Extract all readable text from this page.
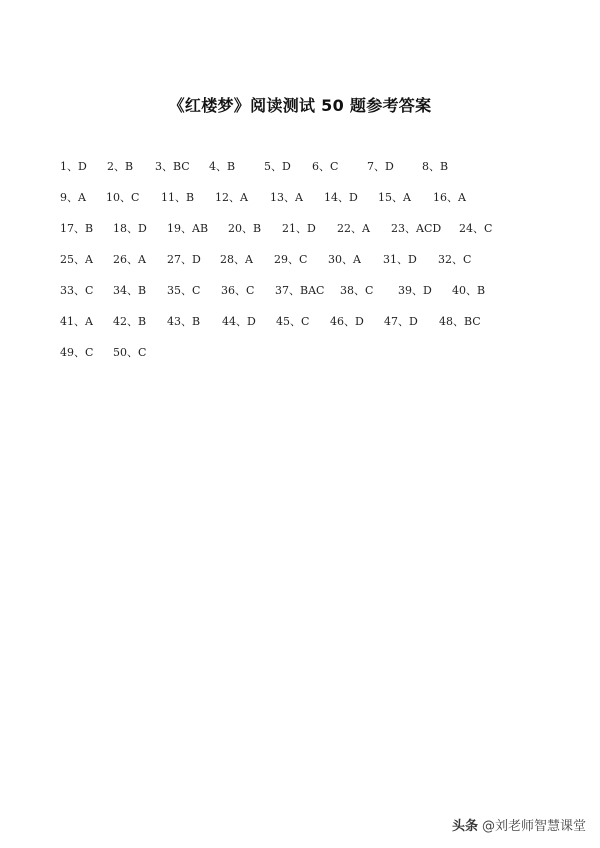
《红楼梦》阅读测试 50 题参考答案
1、D 2、B 3、BC 4、B	5、D 6、C	7、D	8、B
9、A 10、C 11、B 12、A 13、A 14、D 15、A 16、A
17、B 18、D 19、AB 20、B 21、D 22、A 23、ACD 24、C
25、A 26、A 27、D 28、A 29、C 30、A 31、D 32、C
33、C 34、B 35、C 36、C 37、BAC 38、C 39、D 40、B
41、A 42、B 43、B 44、D 45、C 46、D 47、D 48、BC
49、C 50、C
头条 @刘老师智慧课堂
